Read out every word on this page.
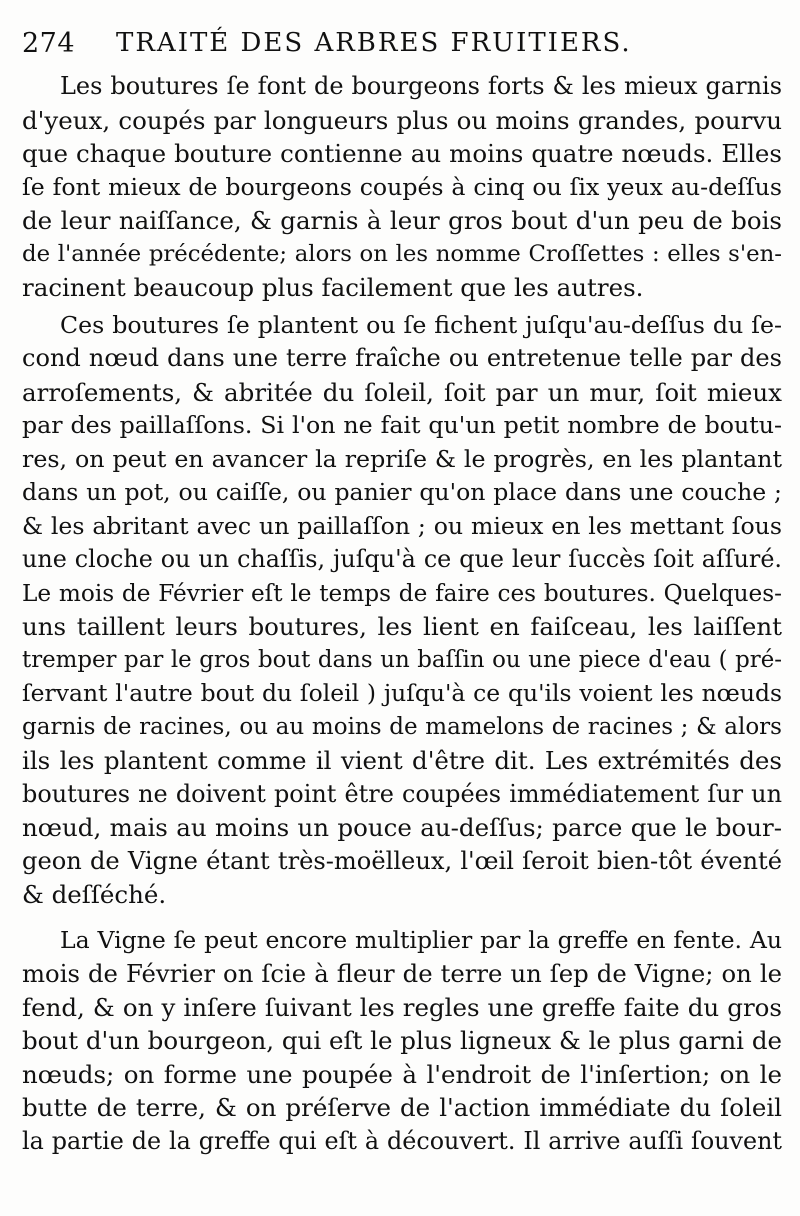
274 TRAITÉ DES ARBRES FRUITIERS.

Les boutures ſe font de bourgeons forts & les mieux garnis
d'yeux, coupés par longueurs plus ou moins grandes, pourvu
que chaque bouture contienne au moins quatre nœuds. Elles
ſe font mieux de bourgeons coupés à cinq ou ſix yeux au-deſſus
de leur naiſſance, & garnis à leur gros bout d'un peu de bois
de l'année précédente; alors on les nomme Croſſettes : elles s'en-
racinent beaucoup plus facilement que les autres.

Ces boutures ſe plantent ou ſe fichent juſqu'au-deſſus du ſe-
cond nœud dans une terre fraîche ou entretenue telle par des
arroſements, & abritée du ſoleil, ſoit par un mur, ſoit mieux
par des paillaſſons. Si l'on ne fait qu'un petit nombre de boutu-
res, on peut en avancer la repriſe & le progrès, en les plantant
dans un pot, ou caiſſe, ou panier qu'on place dans une couche ;
& les abritant avec un paillaſſon ; ou mieux en les mettant ſous
une cloche ou un chaſſis, juſqu'à ce que leur ſuccès ſoit aſſuré.
Le mois de Février eſt le temps de faire ces boutures. Quelques-
uns taillent leurs boutures, les lient en faiſceau, les laiſſent
tremper par le gros bout dans un baſſin ou une piece d'eau ( pré-
ſervant l'autre bout du ſoleil ) juſqu'à ce qu'ils voient les nœuds
garnis de racines, ou au moins de mamelons de racines ; & alors
ils les plantent comme il vient d'être dit. Les extrémités des
boutures ne doivent point être coupées immédiatement ſur un
nœud, mais au moins un pouce au-deſſus; parce que le bour-
geon de Vigne étant très-moëlleux, l'œil ſeroit bien-tôt éventé
& deſſéché.

La Vigne ſe peut encore multiplier par la greffe en fente. Au
mois de Février on ſcie à fleur de terre un ſep de Vigne; on le
fend, & on y inſere ſuivant les regles une greffe faite du gros
bout d'un bourgeon, qui eſt le plus ligneux & le plus garni de
nœuds; on forme une poupée à l'endroit de l'inſertion; on le
butte de terre, & on préſerve de l'action immédiate du ſoleil
la partie de la greffe qui eſt à découvert. Il arrive auſſi ſouvent
